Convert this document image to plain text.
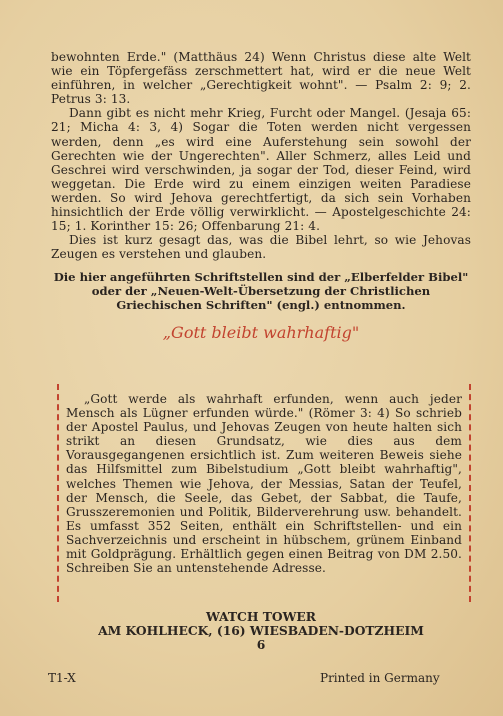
bewohnten Erde." (Matthäus 24) Wenn Christus diese alte Welt wie ein Töpfergefäss zerschmettert hat, wird er die neue Welt einführen, in welcher „Gerechtigkeit wohnt". — Psalm 2: 9; 2. Petrus 3: 13.

Dann gibt es nicht mehr Krieg, Furcht oder Mangel. (Jesaja 65: 21; Micha 4: 3, 4) Sogar die Toten werden nicht vergessen werden, denn „es wird eine Auferstehung sein sowohl der Gerechten wie der Ungerechten". Aller Schmerz, alles Leid und Geschrei wird verschwinden, ja sogar der Tod, dieser Feind, wird weggetan. Die Erde wird zu einem einzigen weiten Paradiese werden. So wird Jehova gerechtfertigt, da sich sein Vorhaben hinsichtlich der Erde völlig verwirklicht. — Apostelgeschichte 24: 15; 1. Korinther 15: 26; Offenbarung 21: 4.

Dies ist kurz gesagt das, was die Bibel lehrt, so wie Jehovas Zeugen es verstehen und glauben.

Die hier angeführten Schriftstellen sind der „Elberfelder Bibel" oder der „Neuen-Welt-Übersetzung der Christlichen Griechischen Schriften" (engl.) entnommen.

„Gott bleibt wahrhaftig"

„Gott werde als wahrhaft erfunden, wenn auch jeder Mensch als Lügner erfunden würde." (Römer 3: 4) So schrieb der Apostel Paulus, und Jehovas Zeugen von heute halten sich strikt an diesen Grundsatz, wie dies aus dem Vorausgegangenen ersichtlich ist. Zum weiteren Beweis siehe das Hilfsmittel zum Bibelstudium „Gott bleibt wahrhaftig", welches Themen wie Jehova, der Messias, Satan der Teufel, der Mensch, die Seele, das Gebet, der Sabbat, die Taufe, Grusszeremonien und Politik, Bilderverehrung usw. behandelt. Es umfasst 352 Seiten, enthält ein Schriftstellen- und ein Sachverzeichnis und erscheint in hübschem, grünem Einband mit Goldprägung. Erhältlich gegen einen Beitrag von DM 2.50. Schreiben Sie an untenstehende Adresse.

WATCH TOWER

AM KOHLHECK, (16) WIESBADEN-DOTZHEIM

6

T1-X	Printed in Germany
